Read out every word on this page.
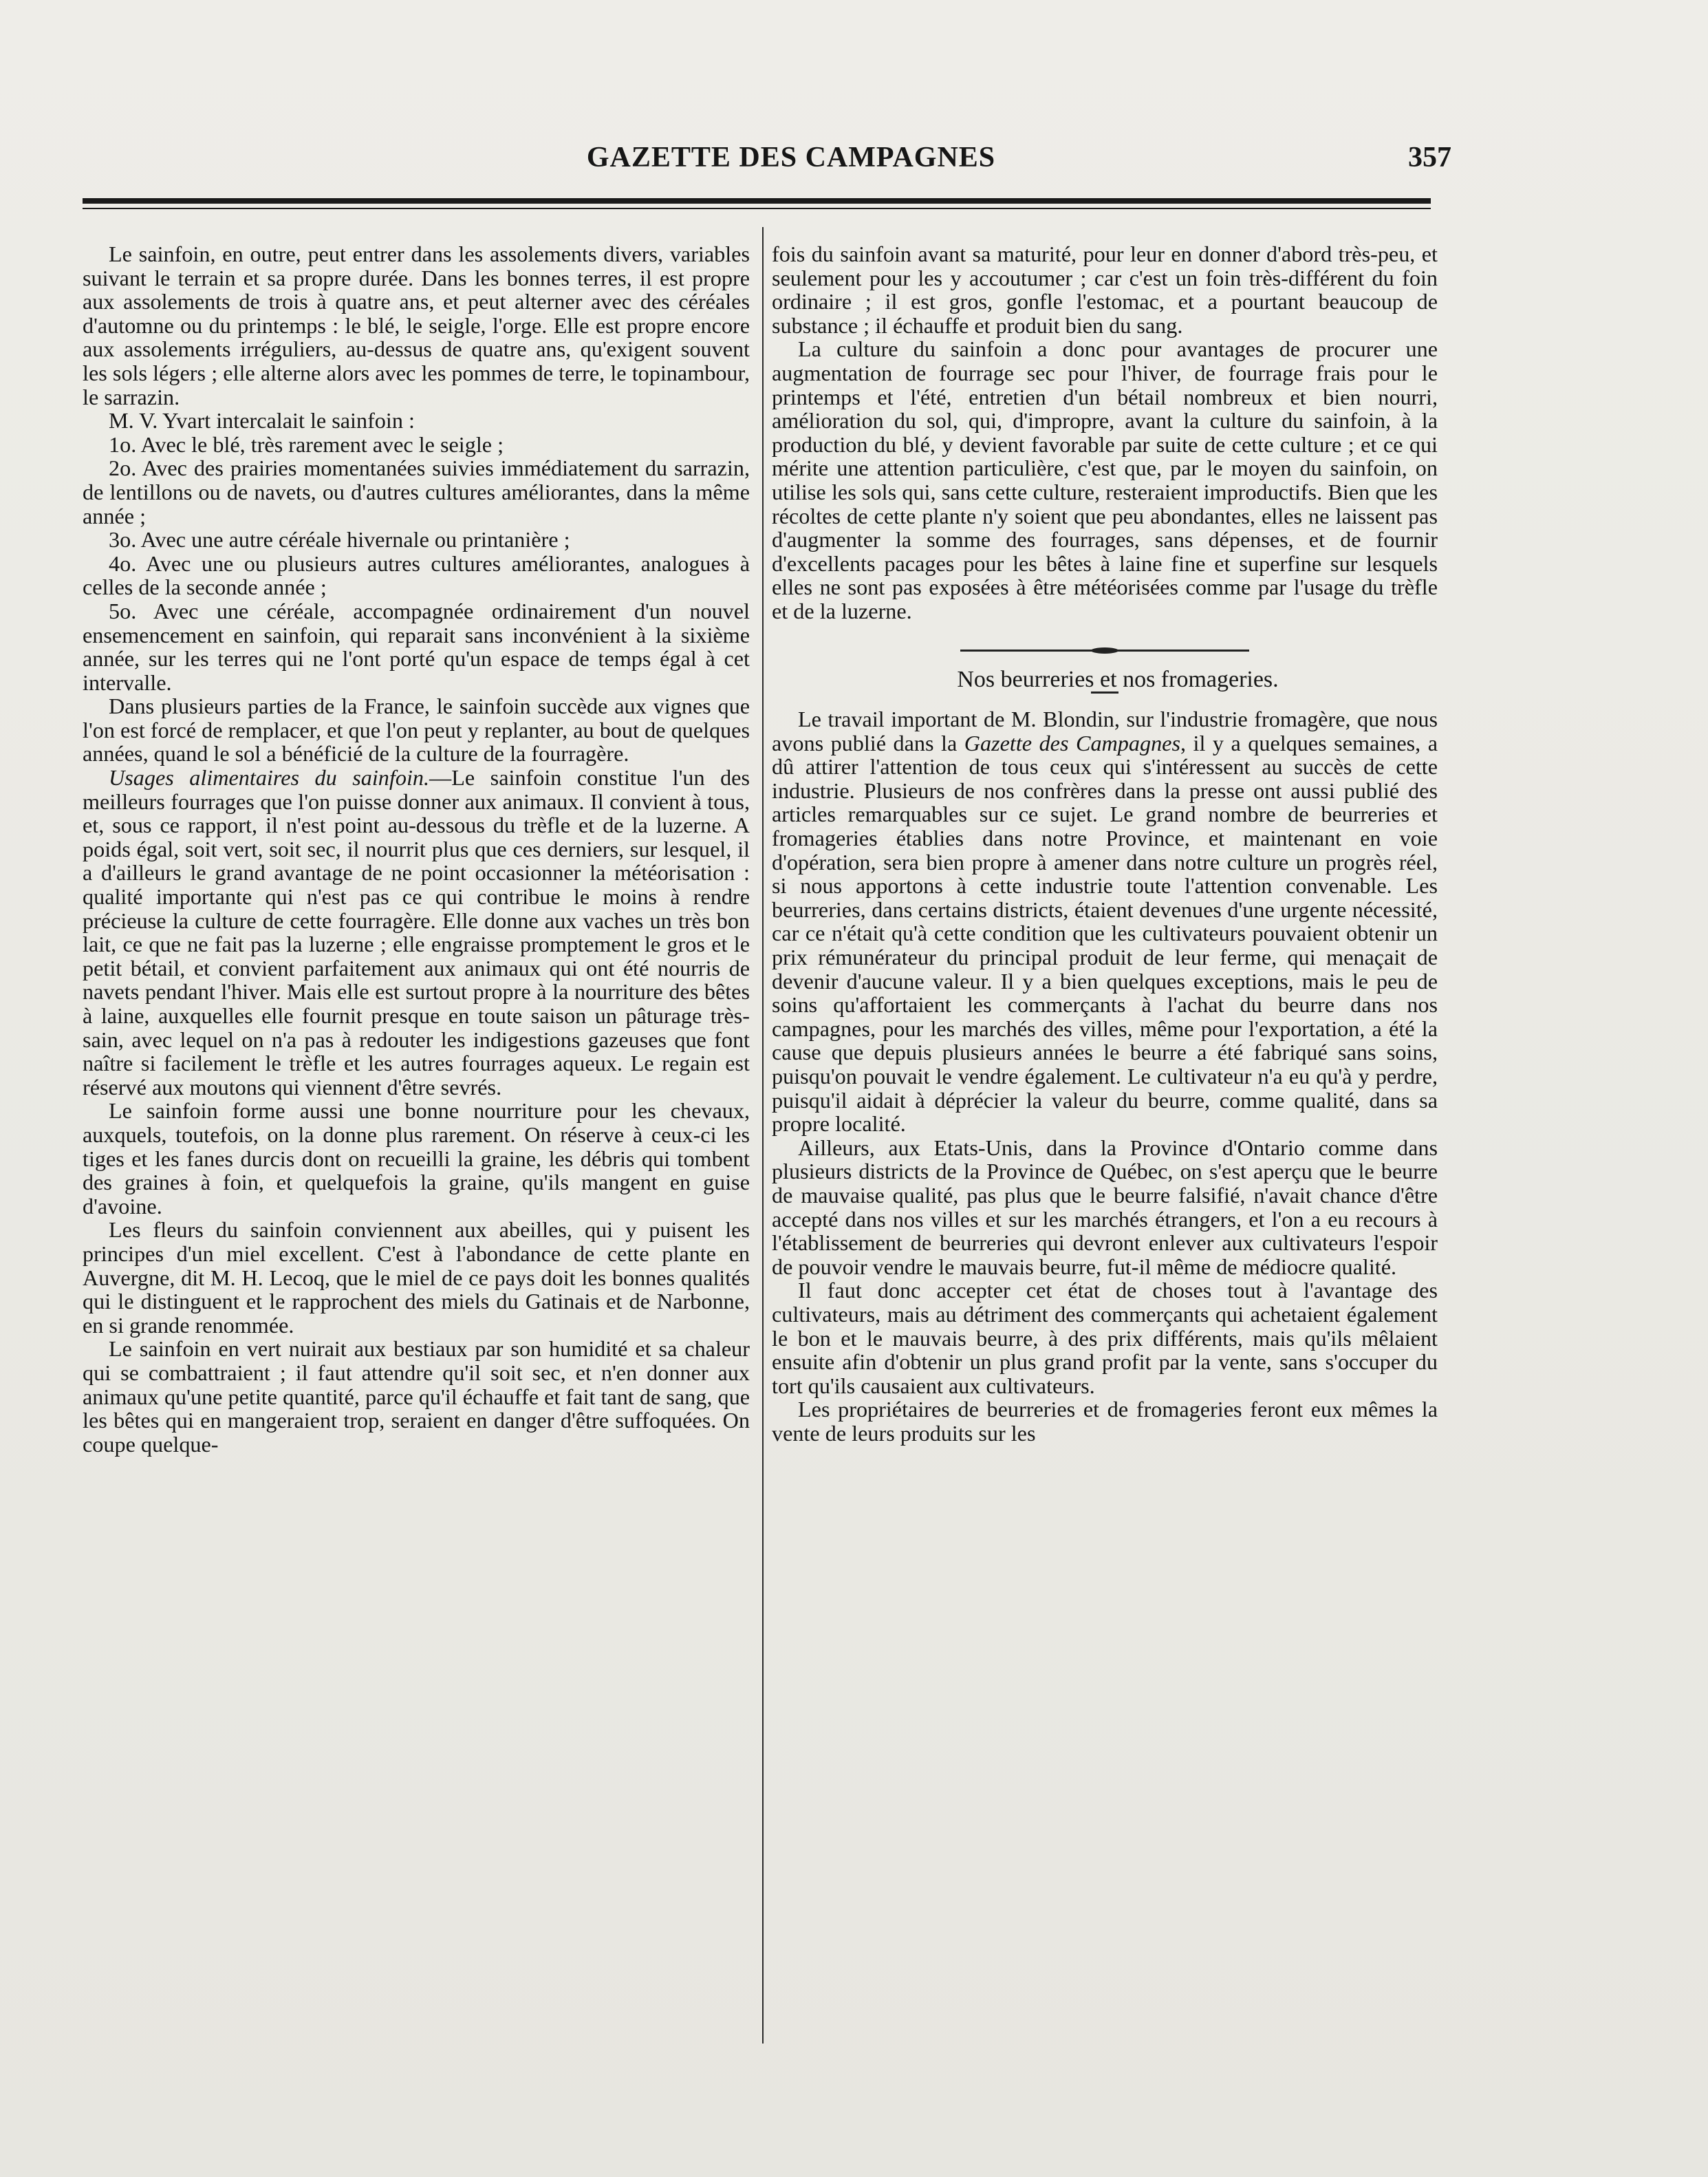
GAZETTE DES CAMPAGNES	357

Le sainfoin, en outre, peut entrer dans les assolements divers, variables suivant le terrain et sa propre durée. Dans les bonnes terres, il est propre aux assolements de trois à quatre ans, et peut alterner avec des céréales d'automne ou du printemps : le blé, le seigle, l'orge. Elle est propre encore aux assolements irréguliers, au-dessus de quatre ans, qu'exigent souvent les sols légers ; elle alterne alors avec les pommes de terre, le topinambour, le sarrazin.

M. V. Yvart intercalait le sainfoin :

1o. Avec le blé, très rarement avec le seigle ;

2o. Avec des prairies momentanées suivies immédiatement du sarrazin, de lentillons ou de navets, ou d'autres cultures améliorantes, dans la même année ;

3o. Avec une autre céréale hivernale ou printanière ;

4o. Avec une ou plusieurs autres cultures améliorantes, analogues à celles de la seconde année ;

5o. Avec une céréale, accompagnée ordinairement d'un nouvel ensemencement en sainfoin, qui reparait sans inconvénient à la sixième année, sur les terres qui ne l'ont porté qu'un espace de temps égal à cet intervalle.

Dans plusieurs parties de la France, le sainfoin succède aux vignes que l'on est forcé de remplacer, et que l'on peut y replanter, au bout de quelques années, quand le sol a bénéficié de la culture de la fourragère.

Usages alimentaires du sainfoin.—Le sainfoin constitue l'un des meilleurs fourrages que l'on puisse donner aux animaux. Il convient à tous, et, sous ce rapport, il n'est point au-dessous du trèfle et de la luzerne. A poids égal, soit vert, soit sec, il nourrit plus que ces derniers, sur lesquel, il a d'ailleurs le grand avantage de ne point occasionner la météorisation : qualité importante qui n'est pas ce qui contribue le moins à rendre précieuse la culture de cette fourragère. Elle donne aux vaches un très bon lait, ce que ne fait pas la luzerne ; elle engraisse promptement le gros et le petit bétail, et convient parfaitement aux animaux qui ont été nourris de navets pendant l'hiver. Mais elle est surtout propre à la nourriture des bêtes à laine, auxquelles elle fournit presque en toute saison un pâturage très-sain, avec lequel on n'a pas à redouter les indigestions gazeuses que font naître si facilement le trèfle et les autres fourrages aqueux. Le regain est réservé aux moutons qui viennent d'être sevrés.

Le sainfoin forme aussi une bonne nourriture pour les chevaux, auxquels, toutefois, on la donne plus rarement. On réserve à ceux-ci les tiges et les fanes durcis dont on recueilli la graine, les débris qui tombent des graines à foin, et quelquefois la graine, qu'ils mangent en guise d'avoine.

Les fleurs du sainfoin conviennent aux abeilles, qui y puisent les principes d'un miel excellent. C'est à l'abondance de cette plante en Auvergne, dit M. H. Lecoq, que le miel de ce pays doit les bonnes qualités qui le distinguent et le rapprochent des miels du Gatinais et de Narbonne, en si grande renommée.

Le sainfoin en vert nuirait aux bestiaux par son humidité et sa chaleur qui se combattraient ; il faut attendre qu'il soit sec, et n'en donner aux animaux qu'une petite quantité, parce qu'il échauffe et fait tant de sang, que les bêtes qui en mangeraient trop, seraient en danger d'être suffoquées. On coupe quelque-

fois du sainfoin avant sa maturité, pour leur en donner d'abord très-peu, et seulement pour les y accoutumer ; car c'est un foin très-différent du foin ordinaire ; il est gros, gonfle l'estomac, et a pourtant beaucoup de substance ; il échauffe et produit bien du sang.

La culture du sainfoin a donc pour avantages de procurer une augmentation de fourrage sec pour l'hiver, de fourrage frais pour le printemps et l'été, entretien d'un bétail nombreux et bien nourri, amélioration du sol, qui, d'impropre, avant la culture du sainfoin, à la production du blé, y devient favorable par suite de cette culture ; et ce qui mérite une attention particulière, c'est que, par le moyen du sainfoin, on utilise les sols qui, sans cette culture, resteraient improductifs. Bien que les récoltes de cette plante n'y soient que peu abondantes, elles ne laissent pas d'augmenter la somme des fourrages, sans dépenses, et de fournir d'excellents pacages pour les bêtes à laine fine et superfine sur lesquels elles ne sont pas exposées à être météorisées comme par l'usage du trèfle et de la luzerne.

Nos beurreries et nos fromageries.

Le travail important de M. Blondin, sur l'industrie fromagère, que nous avons publié dans la Gazette des Campagnes, il y a quelques semaines, a dû attirer l'attention de tous ceux qui s'intéressent au succès de cette industrie. Plusieurs de nos confrères dans la presse ont aussi publié des articles remarquables sur ce sujet. Le grand nombre de beurreries et fromageries établies dans notre Province, et maintenant en voie d'opération, sera bien propre à amener dans notre culture un progrès réel, si nous apportons à cette industrie toute l'attention convenable. Les beurreries, dans certains districts, étaient devenues d'une urgente nécessité, car ce n'était qu'à cette condition que les cultivateurs pouvaient obtenir un prix rémunérateur du principal produit de leur ferme, qui menaçait de devenir d'aucune valeur. Il y a bien quelques exceptions, mais le peu de soins qu'affortaient les commerçants à l'achat du beurre dans nos campagnes, pour les marchés des villes, même pour l'exportation, a été la cause que depuis plusieurs années le beurre a été fabriqué sans soins, puisqu'on pouvait le vendre également. Le cultivateur n'a eu qu'à y perdre, puisqu'il aidait à déprécier la valeur du beurre, comme qualité, dans sa propre localité.

Ailleurs, aux Etats-Unis, dans la Province d'Ontario comme dans plusieurs districts de la Province de Québec, on s'est aperçu que le beurre de mauvaise qualité, pas plus que le beurre falsifié, n'avait chance d'être accepté dans nos villes et sur les marchés étrangers, et l'on a eu recours à l'établissement de beurreries qui devront enlever aux cultivateurs l'espoir de pouvoir vendre le mauvais beurre, fut-il même de médiocre qualité.

Il faut donc accepter cet état de choses tout à l'avantage des cultivateurs, mais au détriment des commerçants qui achetaient également le bon et le mauvais beurre, à des prix différents, mais qu'ils mêlaient ensuite afin d'obtenir un plus grand profit par la vente, sans s'occuper du tort qu'ils causaient aux cultivateurs.

Les propriétaires de beurreries et de fromageries feront eux mêmes la vente de leurs produits sur les
